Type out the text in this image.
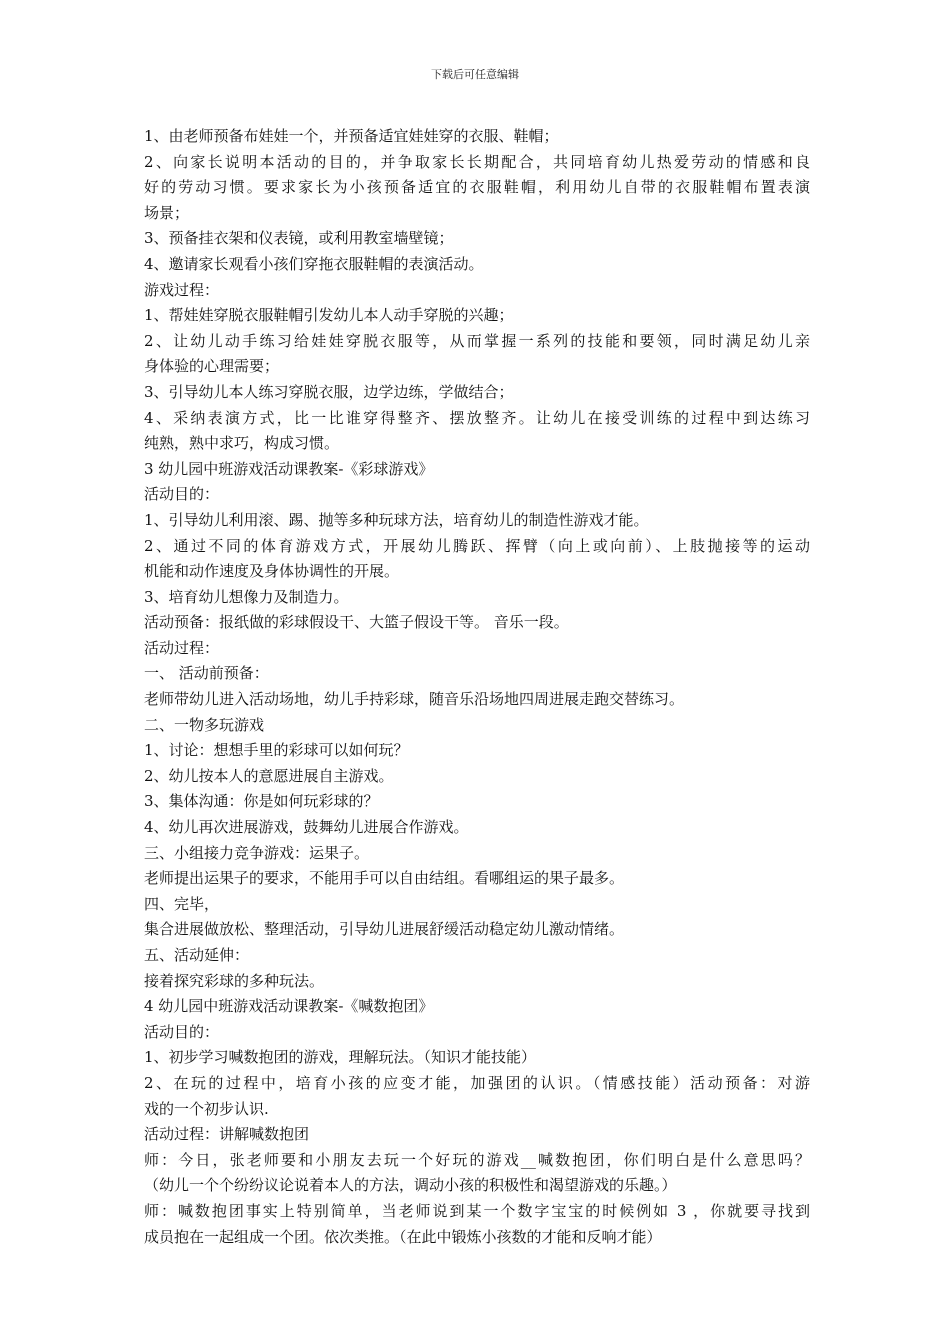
下载后可任意编辑
1、由老师预备布娃娃一个，并预备适宜娃娃穿的衣服、鞋帽；
2、向家长说明本活动的目的，并争取家长长期配合，共同培育幼儿热爱劳动的情感和良
好的劳动习惯。要求家长为小孩预备适宜的衣服鞋帽，利用幼儿自带的衣服鞋帽布置表演
场景；
3、预备挂衣架和仪表镜，或利用教室墙壁镜；
4、邀请家长观看小孩们穿拖衣服鞋帽的表演活动。
游戏过程：
1、帮娃娃穿脱衣服鞋帽引发幼儿本人动手穿脱的兴趣；
2、让幼儿动手练习给娃娃穿脱衣服等，从而掌握一系列的技能和要领，同时满足幼儿亲
身体验的心理需要；
3、引导幼儿本人练习穿脱衣服，边学边练，学做结合；
4、采纳表演方式，比一比谁穿得整齐、摆放整齐。让幼儿在接受训练的过程中到达练习
纯熟，熟中求巧，构成习惯。
3 幼儿园中班游戏活动课教案-《彩球游戏》
活动目的：
1、引导幼儿利用滚、踢、抛等多种玩球方法，培育幼儿的制造性游戏才能。
2、通过不同的体育游戏方式，开展幼儿腾跃、挥臂（向上或向前）、上肢抛接等的运动
机能和动作速度及身体协调性的开展。
3、培育幼儿想像力及制造力。
活动预备：报纸做的彩球假设干、大篮子假设干等。 音乐一段。
活动过程：
一、 活动前预备：
老师带幼儿进入活动场地，幼儿手持彩球，随音乐沿场地四周进展走跑交替练习。
二、一物多玩游戏
1、讨论：想想手里的彩球可以如何玩？
2、幼儿按本人的意愿进展自主游戏。
3、集体沟通：你是如何玩彩球的？
4、幼儿再次进展游戏，鼓舞幼儿进展合作游戏。
三、小组接力竞争游戏：运果子。
老师提出运果子的要求，不能用手可以自由结组。看哪组运的果子最多。
四、完毕，
集合进展做放松、整理活动，引导幼儿进展舒缓活动稳定幼儿激动情绪。
五、活动延伸：
接着探究彩球的多种玩法。
4 幼儿园中班游戏活动课教案-《喊数抱团》
活动目的：
1、初步学习喊数抱团的游戏，理解玩法。（知识才能技能）
2、在玩的过程中，培育小孩的应变才能，加强团的认识。（情感技能）活动预备：对游
戏的一个初步认识.
活动过程：讲解喊数抱团
师：今日，张老师要和小朋友去玩一个好玩的游戏__喊数抱团，你们明白是什么意思吗？
（幼儿一个个纷纷议论说着本人的方法，调动小孩的积极性和渴望游戏的乐趣。）
师：喊数抱团事实上特别简单，当老师说到某一个数字宝宝的时候例如 3 ，你就要寻找到
成员抱在一起组成一个团。依次类推。（在此中锻炼小孩数的才能和反响才能）
